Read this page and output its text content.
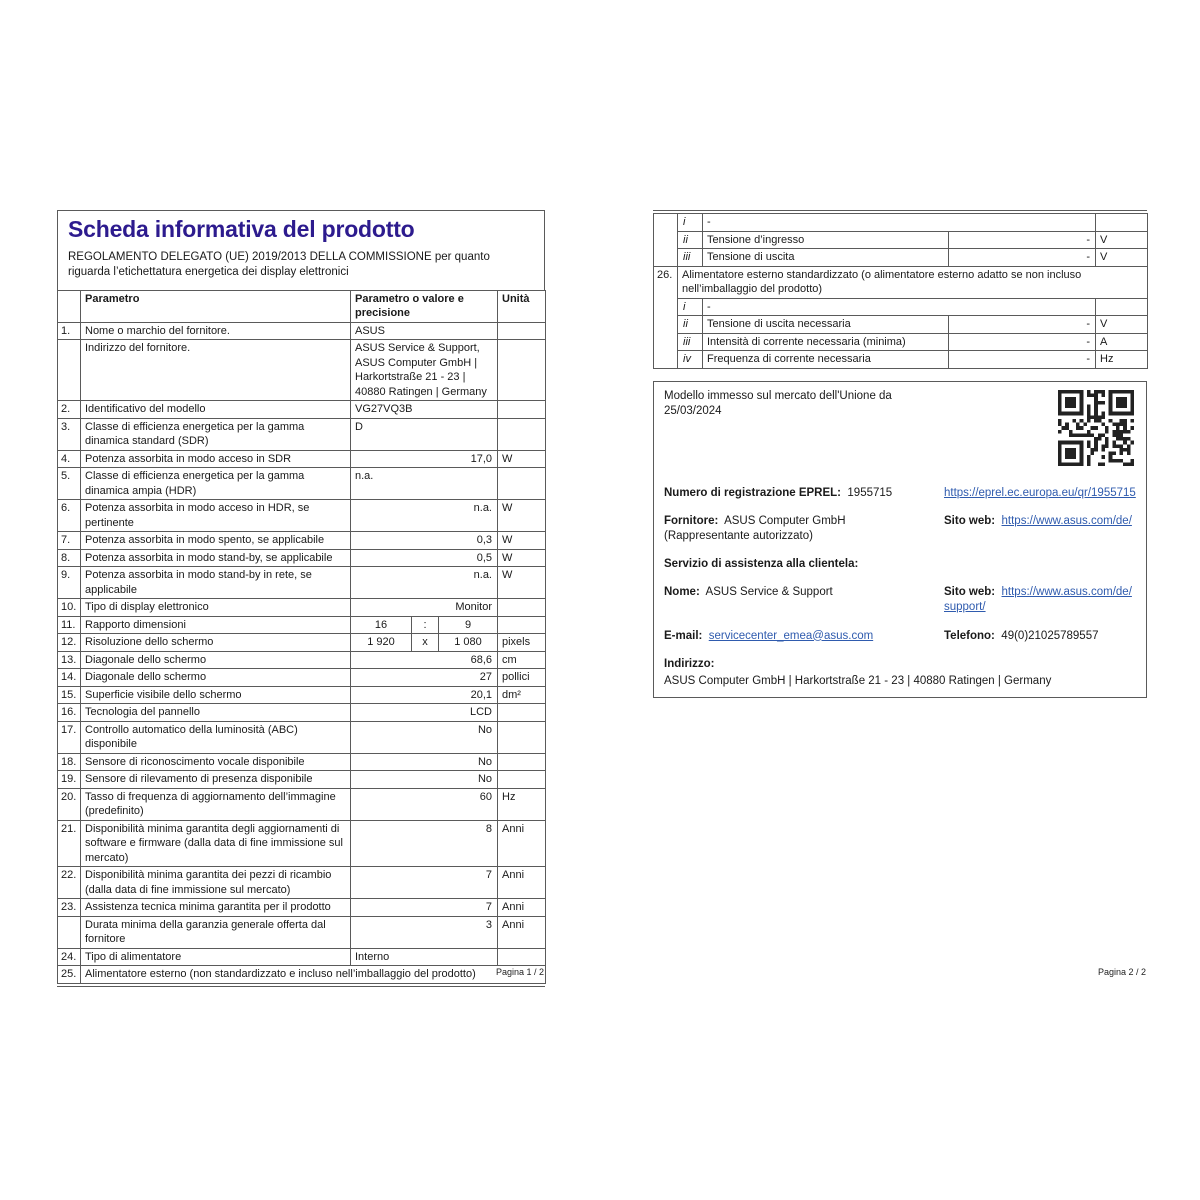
Scheda informativa del prodotto
REGOLAMENTO DELEGATO (UE) 2019/2013 DELLA COMMISSIONE per quanto riguarda l’etichettatura energetica dei display elettronici
	Parametro	Parametro o valore e precisione			Unità
1.	Nome o marchio del fornitore.	ASUS			
	Indirizzo del fornitore.	ASUS Service & Support, ASUS Computer GmbH | Harkortstraße 21 - 23 | 40880 Ratingen | Germany			
2.	Identificativo del modello	VG27VQ3B			
3.	Classe di efficienza energetica per la gamma dinamica standard (SDR)	D			
4.	Potenza assorbita in modo acceso in SDR	17,0			W
5.	Classe di efficienza energetica per la gamma dinamica ampia (HDR)	n.a.			
6.	Potenza assorbita in modo acceso in HDR, se pertinente	n.a.			W
7.	Potenza assorbita in modo spento, se applicabile	0,3			W
8.	Potenza assorbita in modo stand-by, se applicabile	0,5			W
9.	Potenza assorbita in modo stand-by in rete, se applicabile	n.a.			W
10.	Tipo di display elettronico	Monitor			
11.	Rapporto dimensioni	16	:	9	
12.	Risoluzione dello schermo	1 920	x	1 080	pixels
13.	Diagonale dello schermo	68,6			cm
14.	Diagonale dello schermo	27			pollici
15.	Superficie visibile dello schermo	20,1			dm²
16.	Tecnologia del pannello	LCD			
17.	Controllo automatico della luminosità (ABC) disponibile	No			
18.	Sensore di riconoscimento vocale disponibile	No			
19.	Sensore di rilevamento di presenza disponibile	No			
20.	Tasso di frequenza di aggiornamento dell’immagine (predefinito)	60			Hz
21.	Disponibilità minima garantita degli aggiornamenti di software e firmware (dalla data di fine immissione sul mercato)	8			Anni
22.	Disponibilità minima garantita dei pezzi di ricambio (dalla data di fine immissione sul mercato)	7			Anni
23.	Assistenza tecnica minima garantita per il prodotto	7			Anni
	Durata minima della garanzia generale offerta dal fornitore	3			Anni
24.	Tipo di alimentatore	Interno			
25.	Alimentatore esterno (non standardizzato e incluso nell’imballaggio del prodotto)				Pagina 1 / 2
	i	-		
	ii	Tensione d’ingresso	-	V
	iii	Tensione di uscita	-	V
26.	Alimentatore esterno standardizzato (o alimentatore esterno adatto se non incluso nell’imballaggio del prodotto)			
	i	-		
	ii	Tensione di uscita necessaria	-	V
	iii	Intensità di corrente necessaria (minima)	-	A
	iv	Frequenza di corrente necessaria	-	Hz
Modello immesso sul mercato dell'Unione da 25/03/2024
Numero di registrazione EPREL: 1955715	https://eprel.ec.europa.eu/qr/1955715
Fornitore: ASUS Computer GmbH (Rappresentante autorizzato)
Sito web: https://www.asus.com/de/
Servizio di assistenza alla clientela:
Nome: ASUS Service & Support	Sito web: https://www.asus.com/de/support/
E-mail: servicecenter_emea@asus.com	Telefono: 49(0)21025789557
Indirizzo:
ASUS Computer GmbH | Harkortstraße 21 - 23 | 40880 Ratingen | Germany
Pagina 2 / 2
